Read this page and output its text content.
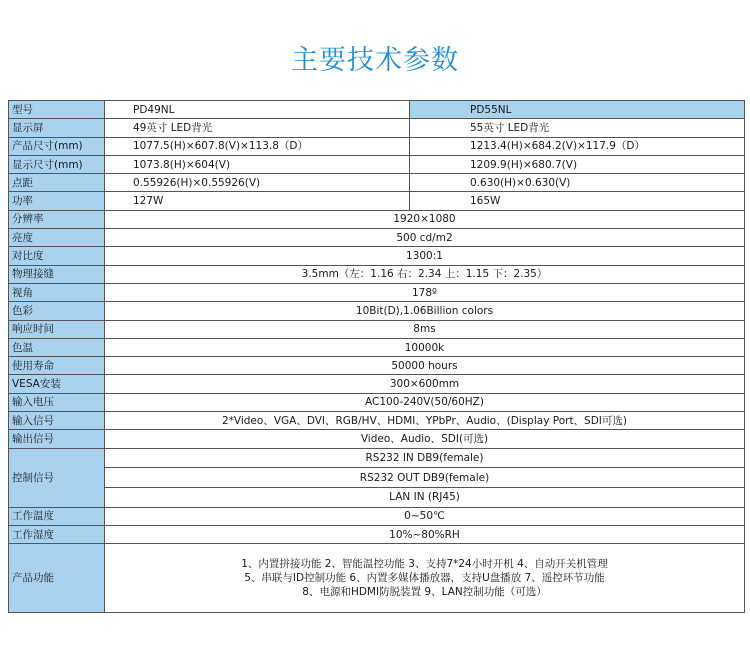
主要技术参数
型号	PD49NL	PD55NL
显示屏	49英寸 LED背光	55英寸 LED背光
产品尺寸(mm)	1077.5(H)×607.8(V)×113.8（D）	1213.4(H)×684.2(V)×117.9（D）
显示尺寸(mm)	1073.8(H)×604(V)	1209.9(H)×680.7(V)
点距	0.55926(H)×0.55926(V)	0.630(H)×0.630(V)
功率	127W	165W
分辨率	1920×1080	
亮度	500 cd/m2	
对比度	1300:1	
物理接缝	3.5mm（左：1.16 右：2.34 上：1.15 下：2.35）	
视角	178º	
色彩	10Bit(D),1.06Billion colors	
响应时间	8ms	
色温	10000k	
使用寿命	50000 hours	
VESA安装	300×600mm	
输入电压	AC100-240V(50/60HZ)	
输入信号	2*Video、VGA、DVI、RGB/HV、HDMI、YPbPr、Audio、(Display Port、SDI可选)	
输出信号	Video、Audio、SDI(可选)	
控制信号	RS232 IN DB9(female)	
	RS232 OUT DB9(female)	
	LAN IN (RJ45)	
工作温度	0~50℃	
工作湿度	10%~80%RH	
产品功能	1、内置拼接功能 2、智能温控功能 3、支持7*24小时开机 4、自动开关机管理
5、串联与ID控制功能 6、内置多媒体播放器，支持U盘播放 7、遥控环节功能
8、电源和HDMI防脱装置 9、LAN控制功能（可选）	
